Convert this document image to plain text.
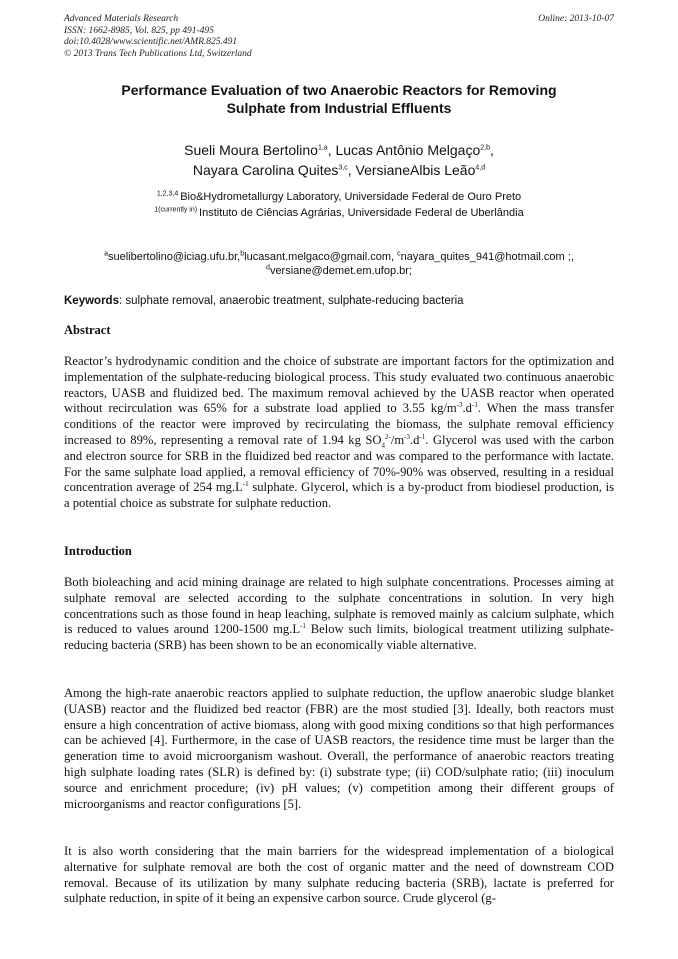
Advanced Materials Research
ISSN: 1662-8985, Vol. 825, pp 491-495
doi:10.4028/www.scientific.net/AMR.825.491
© 2013 Trans Tech Publications Ltd, Switzerland
Online: 2013-10-07
Performance Evaluation of two Anaerobic Reactors for Removing
Sulphate from Industrial Effluents
Sueli Moura Bertolino$^{1,a}$, Lucas Antônio Melgaço$^{2,b}$,
Nayara Carolina Quites$^{3,c}$, VersianeAlbis Leão$^{4,d}$
$^{1,2,3,4}$ Bio&Hydrometallurgy Laboratory, Universidade Federal de Ouro Preto
$^{1(currently in)}$ Instituto de Ciências Agrárias, Universidade Federal de Uberlândia
$^a$suelibertolino@iciag.ufu.br,$^b$lucasant.melgaco@gmail.com, $^c$nayara_quites_941@hotmail.com ;,
$^d$versiane@demet.em.ufop.br;
Keywords: sulphate removal, anaerobic treatment, sulphate-reducing bacteria
Abstract
Reactor’s hydrodynamic condition and the choice of substrate are important factors for the optimization and implementation of the sulphate-reducing biological process. This study evaluated two continuous anaerobic reactors, UASB and fluidized bed. The maximum removal achieved by the UASB reactor when operated without recirculation was 65% for a substrate load applied to 3.55 $kg/m^{-3}.d^{-1}$. When the mass transfer conditions of the reactor were improved by recirculating the biomass, the sulphate removal efficiency increased to 89%, representing a removal rate of 1.94 kg $SO_4^{2-}/m^{-3}.d^{-1}$. Glycerol was used with the carbon and electron source for SRB in the fluidized bed reactor and was compared to the performance with lactate. For the same sulphate load applied, a removal efficiency of 70%-90% was observed, resulting in a residual concentration average of 254 $mg.L^{-1}$ sulphate. Glycerol, which is a by-product from biodiesel production, is a potential choice as substrate for sulphate reduction.
Introduction
Both bioleaching and acid mining drainage are related to high sulphate concentrations. Processes aiming at sulphate removal are selected according to the sulphate concentrations in solution. In very high concentrations such as those found in heap leaching, sulphate is removed mainly as calcium sulphate, which is reduced to values around 1200-1500 $mg.L^{-1}$ Below such limits, biological treatment utilizing sulphate-reducing bacteria (SRB) has been shown to be an economically viable alternative.
Among the high-rate anaerobic reactors applied to sulphate reduction, the upflow anaerobic sludge blanket (UASB) reactor and the fluidized bed reactor (FBR) are the most studied [3]. Ideally, both reactors must ensure a high concentration of active biomass, along with good mixing conditions so that high performances can be achieved [4]. Furthermore, in the case of UASB reactors, the residence time must be larger than the generation time to avoid microorganism washout. Overall, the performance of anaerobic reactors treating high sulphate loading rates (SLR) is defined by: (i) substrate type; (ii) COD/sulphate ratio; (iii) inoculum source and enrichment procedure; (iv) pH values; (v) competition among their different groups of microorganisms and reactor configurations [5].
It is also worth considering that the main barriers for the widespread implementation of a biological alternative for sulphate removal are both the cost of organic matter and the need of downstream COD removal. Because of its utilization by many sulphate reducing bacteria (SRB), lactate is preferred for sulphate reduction, in spite of it being an expensive carbon source. Crude glycerol (g-
